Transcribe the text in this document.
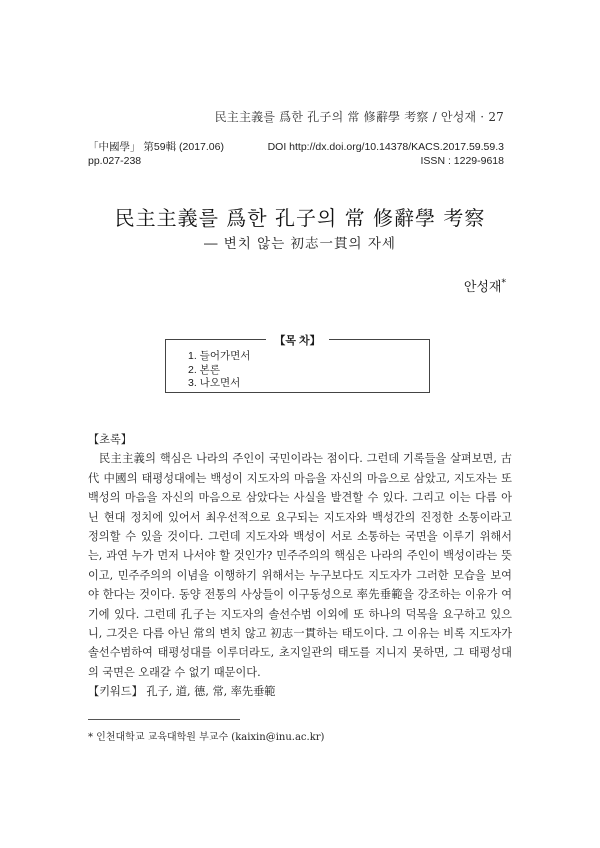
民主主義를 爲한 孔子의 常 修辭學 考察 / 안성재 · 27
「中國學」 第59輯 (2017.06)	DOI http://dx.doi.org/10.14378/KACS.2017.59.59.3
pp.027-238	ISSN : 1229-9618
民主主義를 爲한 孔子의 常 修辭學 考察
― 변치 않는 初志一貫의 자세
안성재*
【목 차】
1. 들어가면서
2. 본론
3. 나오면서
【초록】
民主主義의 핵심은 나라의 주인이 국민이라는 점이다. 그런데 기록들을 살펴보면, 古代 中國의 태평성대에는 백성이 지도자의 마음을 자신의 마음으로 삼았고, 지도자는 또 백성의 마음을 자신의 마음으로 삼았다는 사실을 발견할 수 있다. 그리고 이는 다름 아닌 현대 정치에 있어서 최우선적으로 요구되는 지도자와 백성간의 진정한 소통이라고 정의할 수 있을 것이다. 그런데 지도자와 백성이 서로 소통하는 국면을 이루기 위해서는, 과연 누가 먼저 나서야 할 것인가? 민주주의의 핵심은 나라의 주인이 백성이라는 뜻이고, 민주주의의 이념을 이행하기 위해서는 누구보다도 지도자가 그러한 모습을 보여야 한다는 것이다. 동양 전통의 사상들이 이구동성으로 率先垂範을 강조하는 이유가 여기에 있다. 그런데 孔子는 지도자의 솔선수범 이외에 또 하나의 덕목을 요구하고 있으니, 그것은 다름 아닌 常의 변치 않고 初志一貫하는 태도이다. 그 이유는 비록 지도자가 솔선수범하여 태평성대를 이루더라도, 초지일관의 태도를 지니지 못하면, 그 태평성대의 국면은 오래갈 수 없기 때문이다.
【키워드】 孔子, 道, 德, 常, 率先垂範
* 인천대학교 교육대학원 부교수 (kaixin@inu.ac.kr)
